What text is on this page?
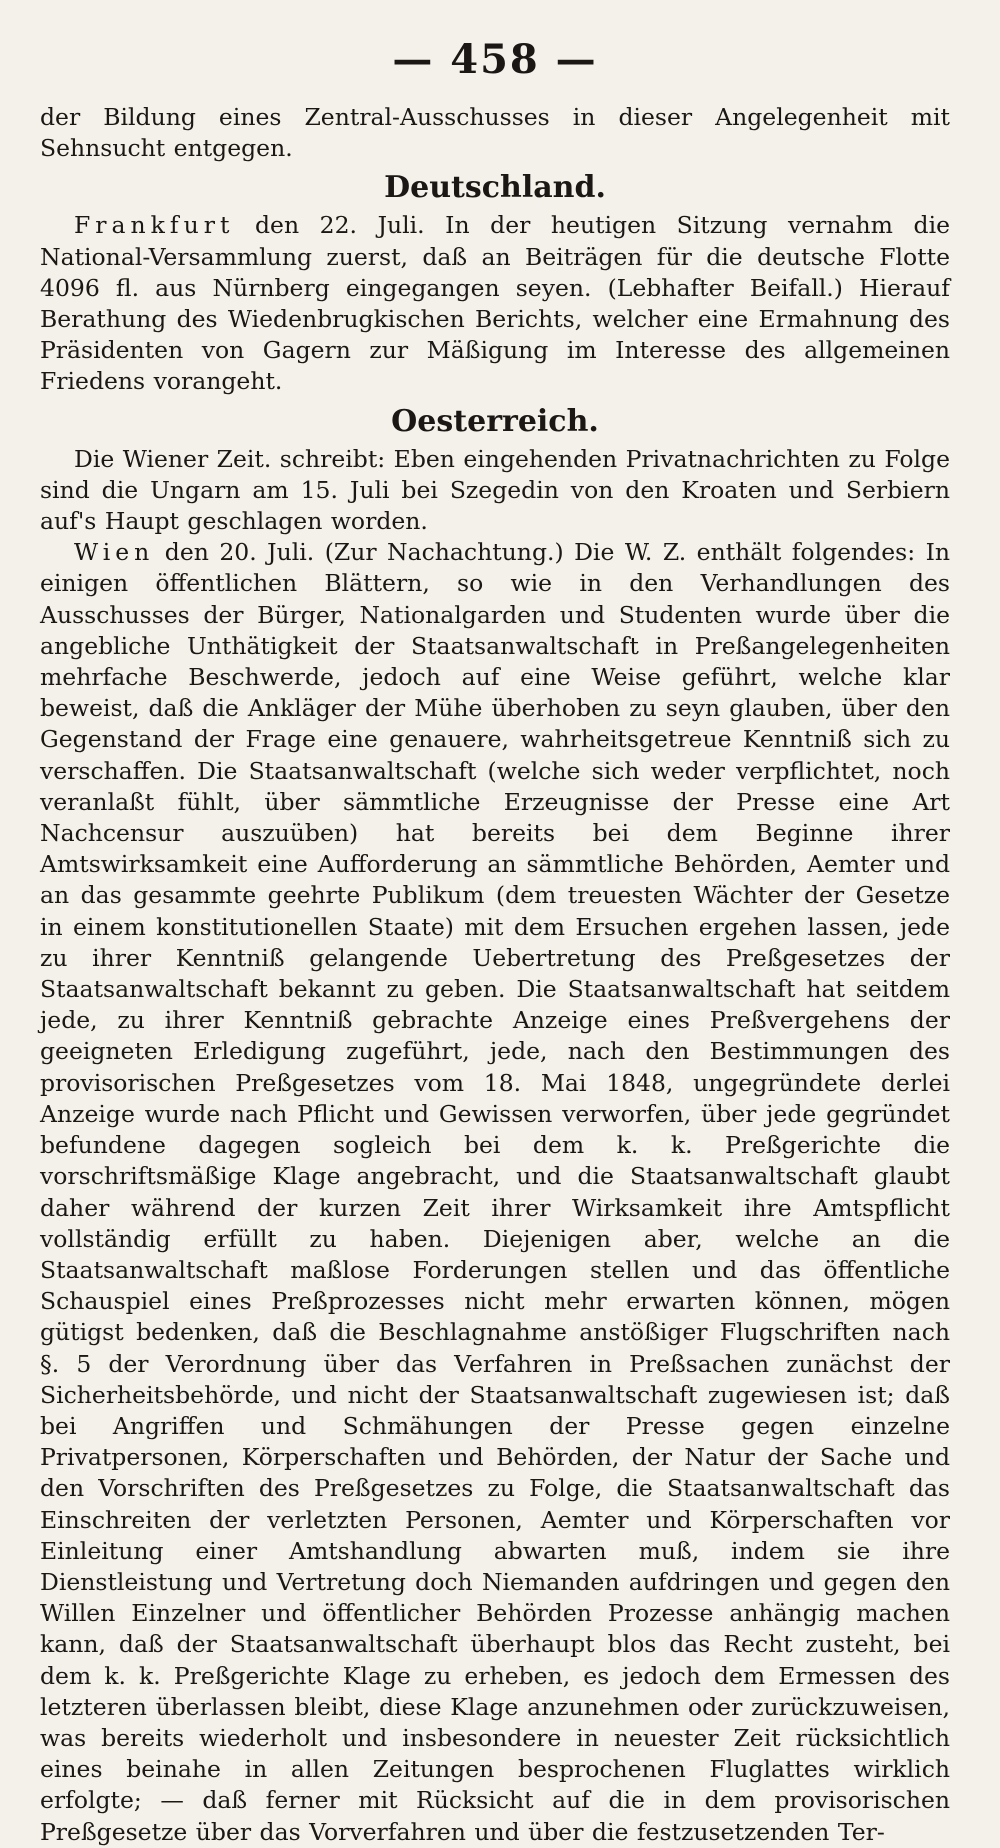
— 458 —

der Bildung eines Zentral-Ausschusses in dieser Angelegenheit mit Sehnsucht entgegen.

Deutschland.

Frankfurt den 22. Juli. In der heutigen Sitzung vernahm die National-Versammlung zuerst, daß an Beiträgen für die deutsche Flotte 4096 fl. aus Nürnberg eingegangen seyen. (Lebhafter Beifall.) Hierauf Berathung des Wiedenbrugkischen Berichts, welcher eine Ermahnung des Präsidenten von Gagern zur Mäßigung im Interesse des allgemeinen Friedens vorangeht.

Oesterreich.

Die Wiener Zeit. schreibt: Eben eingehenden Privatnachrichten zu Folge sind die Ungarn am 15. Juli bei Szegedin von den Kroaten und Serbiern auf's Haupt geschlagen worden.

Wien den 20. Juli. (Zur Nachachtung.) Die W. Z. enthält folgendes: In einigen öffentlichen Blättern, so wie in den Verhandlungen des Ausschusses der Bürger, Nationalgarden und Studenten wurde über die angebliche Unthätigkeit der Staatsanwaltschaft in Preßangelegenheiten mehrfache Beschwerde, jedoch auf eine Weise geführt, welche klar beweist, daß die Ankläger der Mühe überhoben zu seyn glauben, über den Gegenstand der Frage eine genauere, wahrheitsgetreue Kenntniß sich zu verschaffen. Die Staatsanwaltschaft (welche sich weder verpflichtet, noch veranlaßt fühlt, über sämmtliche Erzeugnisse der Presse eine Art Nachcensur auszuüben) hat bereits bei dem Beginne ihrer Amtswirksamkeit eine Aufforderung an sämmtliche Behörden, Aemter und an das gesammte geehrte Publikum (dem treuesten Wächter der Gesetze in einem konstitutionellen Staate) mit dem Ersuchen ergehen lassen, jede zu ihrer Kenntniß gelangende Uebertretung des Preßgesetzes der Staatsanwaltschaft bekannt zu geben. Die Staatsanwaltschaft hat seitdem jede, zu ihrer Kenntniß gebrachte Anzeige eines Preßvergehens der geeigneten Erledigung zugeführt, jede, nach den Bestimmungen des provisorischen Preßgesetzes vom 18. Mai 1848, ungegründete derlei Anzeige wurde nach Pflicht und Gewissen verworfen, über jede gegründet befundene dagegen sogleich bei dem k. k. Preßgerichte die vorschriftsmäßige Klage angebracht, und die Staatsanwaltschaft glaubt daher während der kurzen Zeit ihrer Wirksamkeit ihre Amtspflicht vollständig erfüllt zu haben. Diejenigen aber, welche an die Staatsanwaltschaft maßlose Forderungen stellen und das öffentliche Schauspiel eines Preßprozesses nicht mehr erwarten können, mögen gütigst bedenken, daß die Beschlagnahme anstößiger Flugschriften nach §. 5 der Verordnung über das Verfahren in Preßsachen zunächst der Sicherheitsbehörde, und nicht der Staatsanwaltschaft zugewiesen ist; daß bei Angriffen und Schmähungen der Presse gegen einzelne Privatpersonen, Körperschaften und Behörden, der Natur der Sache und den Vorschriften des Preßgesetzes zu Folge, die Staatsanwaltschaft das Einschreiten der verletzten Personen, Aemter und Körperschaften vor Einleitung einer Amtshandlung abwarten muß, indem sie ihre Dienstleistung und Vertretung doch Niemanden aufdringen und gegen den Willen Einzelner und öffentlicher Behörden Prozesse anhängig machen kann, daß der Staatsanwaltschaft überhaupt blos das Recht zusteht, bei dem k. k. Preßgerichte Klage zu erheben, es jedoch dem Ermessen des letzteren überlassen bleibt, diese Klage anzunehmen oder zurückzuweisen, was bereits wiederholt und insbesondere in neuester Zeit rücksichtlich eines beinahe in allen Zeitungen besprochenen Fluglattes wirklich erfolgte; — daß ferner mit Rücksicht auf die in dem provisorischen Preßgesetze über das Vorverfahren und über die festzusetzenden Ter-
